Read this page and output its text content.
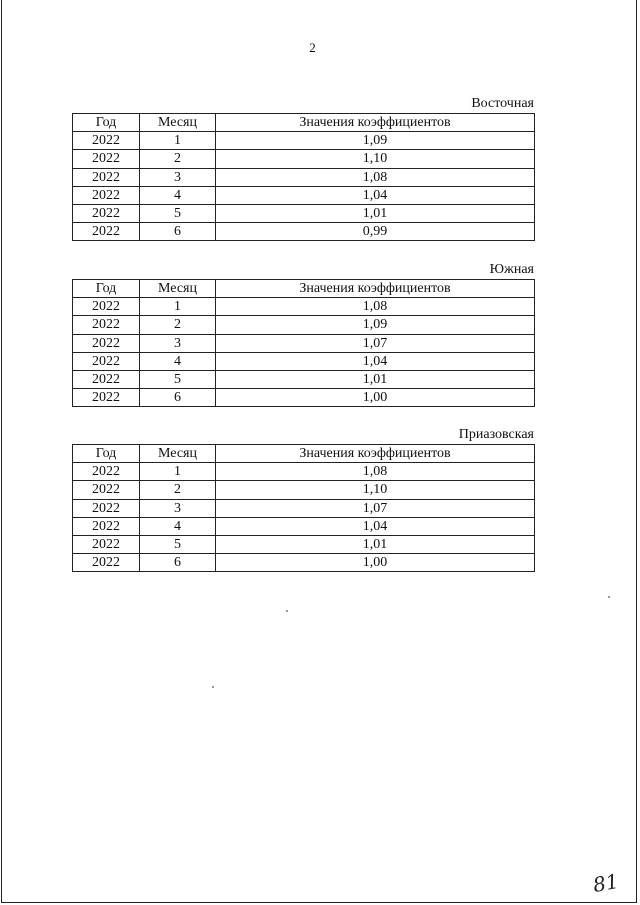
2
Восточная
Год	Месяц	Значения коэффициентов
2022	1	1,09
2022	2	1,10
2022	3	1,08
2022	4	1,04
2022	5	1,01
2022	6	0,99
Южная
Год	Месяц	Значения коэффициентов
2022	1	1,08
2022	2	1,09
2022	3	1,07
2022	4	1,04
2022	5	1,01
2022	6	1,00
Приазовская
Год	Месяц	Значения коэффициентов
2022	1	1,08
2022	2	1,10
2022	3	1,07
2022	4	1,04
2022	5	1,01
2022	6	1,00
81
